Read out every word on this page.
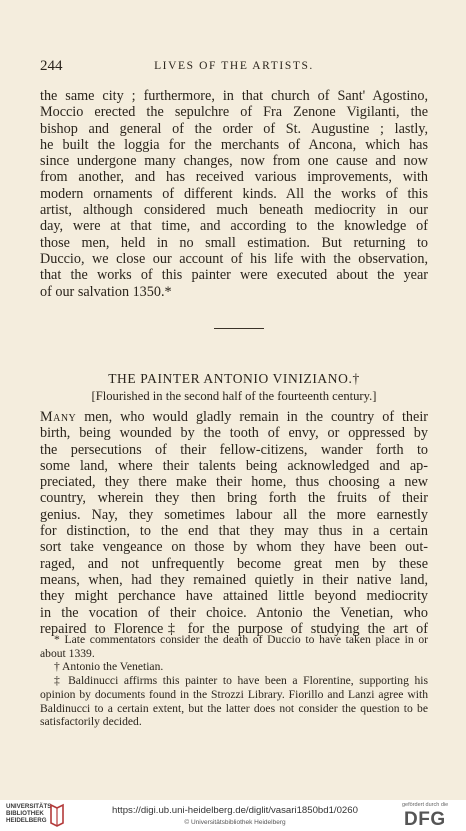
244	LIVES OF THE ARTISTS.
the same city ; furthermore, in that church of Sant' Agostino,
Moccio erected the sepulchre of Fra Zenone Vigilanti, the
bishop and general of the order of St. Augustine ; lastly,
he built the loggia for the merchants of Ancona, which has
since undergone many changes, now from one cause and now
from another, and has received various improvements, with
modern ornaments of different kinds. All the works of this
artist, although considered much beneath mediocrity in our
day, were at that time, and according to the knowledge of
those men, held in no small estimation. But returning to
Duccio, we close our account of his life with the observation,
that the works of this painter were executed about the year
of our salvation 1350.*
THE PAINTER ANTONIO VINIZIANO.†
[Flourished in the second half of the fourteenth century.]
Many men, who would gladly remain in the country of their
birth, being wounded by the tooth of envy, or oppressed by
the persecutions of their fellow-citizens, wander forth to
some land, where their talents being acknowledged and ap-
preciated, they there make their home, thus choosing a new
country, wherein they then bring forth the fruits of their
genius. Nay, they sometimes labour all the more earnestly
for distinction, to the end that they may thus in a certain
sort take vengeance on those by whom they have been out-
raged, and not unfrequently become great men by these
means, when, had they remained quietly in their native land,
they might perchance have attained little beyond mediocrity
in the vocation of their choice. Antonio the Venetian, who
repaired to Florence‡ for the purpose of studying the art of

* Late commentators consider the death of Duccio to have taken place in or about 1339.

† Antonio the Venetian.

‡ Baldinucci affirms this painter to have been a Florentine, supporting his opinion by documents found in the Strozzi Library. Fiorillo and Lanzi agree with Baldinucci to a certain extent, but the latter does not consider the question to be satisfactorily decided.

UNIVERSITÄTS-
BIBLIOTHEK
HEIDELBERG
https://digi.ub.uni-heidelberg.de/diglit/vasari1850bd1/0260
© Universitätsbibliothek Heidelberg
gefördert durch die
DFG
